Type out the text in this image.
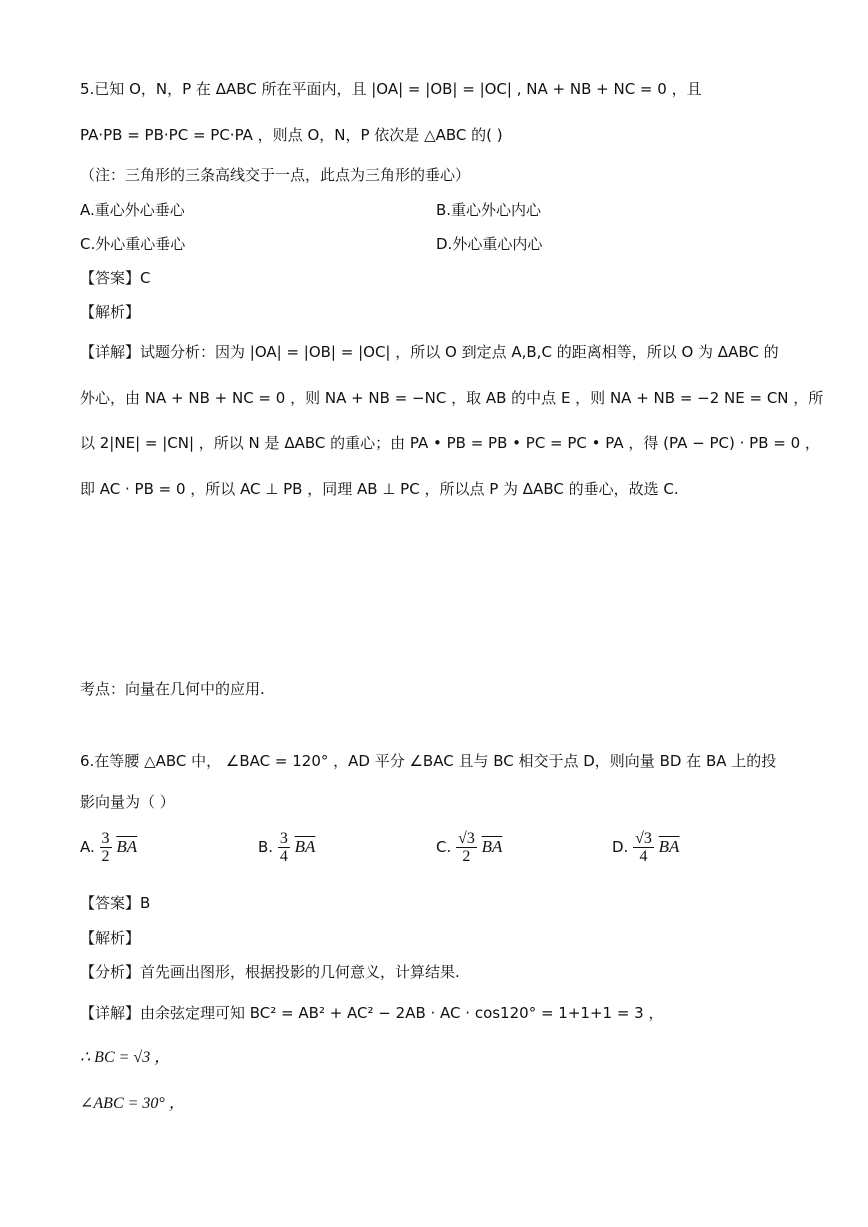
5.已知 O，N，P 在 ΔABC 所在平面内，且 |OA| = |OB| = |OC| , NA + NB + NC = 0 ，且
PA·PB = PB·PC = PC·PA ，则点 O，N，P 依次是 △ABC 的( )
（注：三角形的三条高线交于一点，此点为三角形的垂心）
A.重心外心垂心	B.重心外心内心
C.外心重心垂心	D.外心重心内心
【答案】C
【解析】
【详解】试题分析：因为 |OA| = |OB| = |OC| ，所以 O 到定点 A,B,C 的距离相等，所以 O 为 ΔABC 的
外心，由 NA + NB + NC = 0 ，则 NA + NB = −NC ，取 AB 的中点 E ，则 NA + NB = −2 NE = CN ，所
以 2|NE| = |CN| ，所以 N 是 ΔABC 的重心；由 PA • PB = PB • PC = PC • PA ，得 (PA − PC) · PB = 0 ，
即 AC · PB = 0 ，所以 AC ⊥ PB ，同理 AB ⊥ PC ，所以点 P 为 ΔABC 的垂心，故选 C.
考点：向量在几何中的应用.
6.在等腰 △ABC 中， ∠BAC = 120° ，AD 平分 ∠BAC 且与 BC 相交于点 D，则向量 BD 在 BA 上的投
影向量为（ ）
A. $\frac{3}{2} \overline{BA}$	B. $\frac{3}{4} \overline{BA}$	C. $\frac{√3}{2} \overline{BA}$	D. $\frac{√3}{4} \overline{BA}$
【答案】B
【解析】
【分析】首先画出图形，根据投影的几何意义，计算结果.
【详解】由余弦定理可知 BC² = AB² + AC² − 2AB · AC · cos120° = 1+1+1 = 3 ，
∴ BC = √3 ，
∠ABC = 30° ，
